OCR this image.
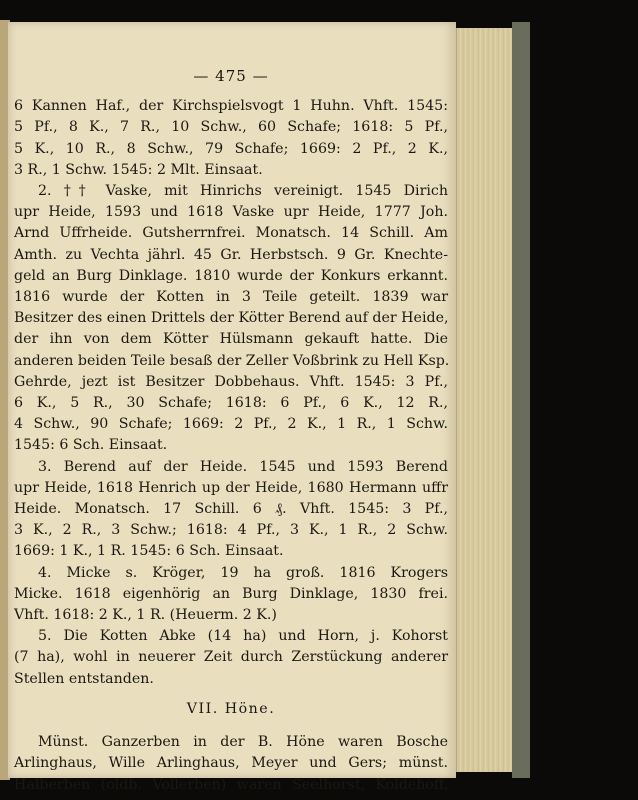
— 475 —
6 Kannen Haf., der Kirchspielsvogt 1 Huhn. Vhft. 1545:
5 Pf., 8 K., 7 R., 10 Schw., 60 Schafe; 1618: 5 Pf.,
5 K., 10 R., 8 Schw., 79 Schafe; 1669: 2 Pf., 2 K.,
3 R., 1 Schw. 1545: 2 Mlt. Einsaat.
2. †† Vaske, mit Hinrichs vereinigt. 1545 Dirich
upr Heide, 1593 und 1618 Vaske upr Heide, 1777 Joh.
Arnd Uffrheide. Gutsherrnfrei. Monatsch. 14 Schill. Am
Amth. zu Vechta jährl. 45 Gr. Herbstsch. 9 Gr. Knechte-
geld an Burg Dinklage. 1810 wurde der Konkurs erkannt.
1816 wurde der Kotten in 3 Teile geteilt. 1839 war
Besitzer des einen Drittels der Kötter Berend auf der Heide,
der ihn von dem Kötter Hülsmann gekauft hatte. Die
anderen beiden Teile besaß der Zeller Voßbrink zu Hell Ksp.
Gehrde, jezt ist Besitzer Dobbehaus. Vhft. 1545: 3 Pf.,
6 K., 5 R., 30 Schafe; 1618: 6 Pf., 6 K., 12 R.,
4 Schw., 90 Schafe; 1669: 2 Pf., 2 K., 1 R., 1 Schw.
1545: 6 Sch. Einsaat.
3. Berend auf der Heide. 1545 und 1593 Berend
upr Heide, 1618 Henrich up der Heide, 1680 Hermann uffr
Heide. Monatsch. 17 Schill. 6 ₰. Vhft. 1545: 3 Pf.,
3 K., 2 R., 3 Schw.; 1618: 4 Pf., 3 K., 1 R., 2 Schw.
1669: 1 K., 1 R. 1545: 6 Sch. Einsaat.
4. Micke s. Kröger, 19 ha groß. 1816 Krogers
Micke. 1618 eigenhörig an Burg Dinklage, 1830 frei.
Vhft. 1618: 2 K., 1 R. (Heuerm. 2 K.)
5. Die Kotten Abke (14 ha) und Horn, j. Kohorst
(7 ha), wohl in neuerer Zeit durch Zerstückung anderer
Stellen entstanden.
VII. Höne.
Münst. Ganzerben in der B. Höne waren Bosche
Arlinghaus, Wille Arlinghaus, Meyer und Gers; münst.
Halberben (oldb. Vollerben) waren Seelhorst, Koldehoff,
